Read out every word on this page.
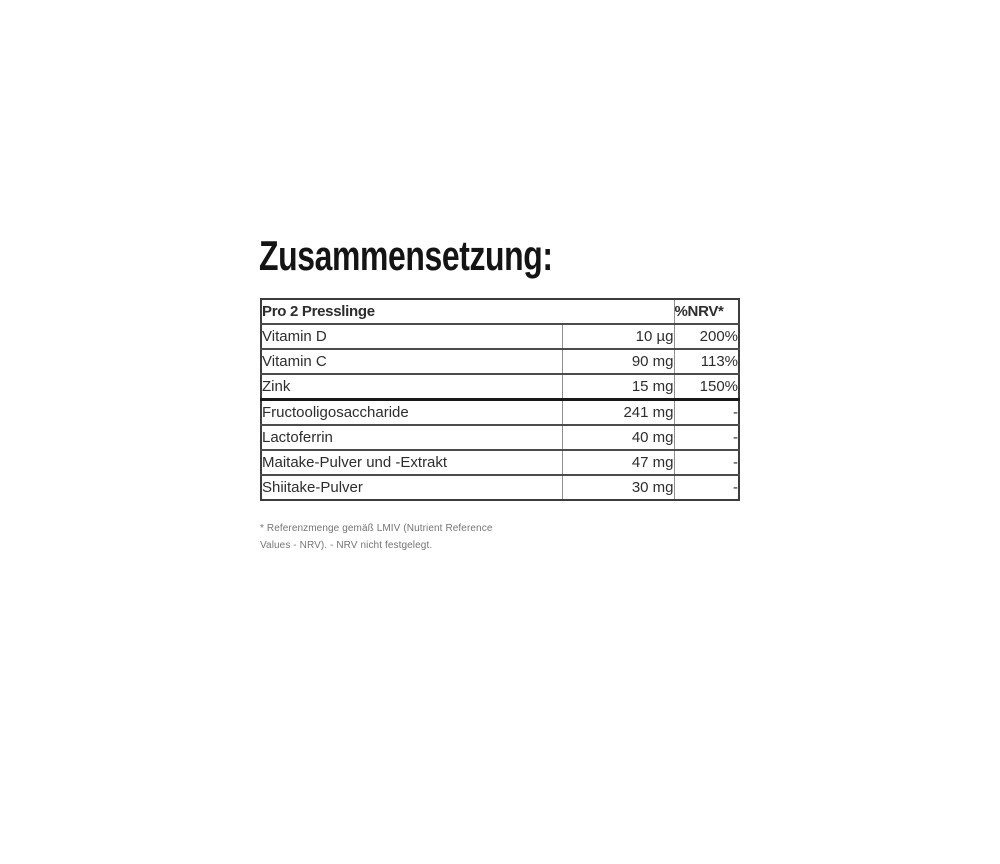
Zusammensetzung:
Pro 2 Presslinge		%NRV*
Vitamin D	10 µg	200%
Vitamin C	90 mg	113%
Zink	15 mg	150%
Fructooligosaccharide	241 mg	-
Lactoferrin	40 mg	-
Maitake-Pulver und -Extrakt	47 mg	-
Shiitake-Pulver	30 mg	-
* Referenzmenge gemäß LMIV (Nutrient Reference
Values - NRV). - NRV nicht festgelegt.
